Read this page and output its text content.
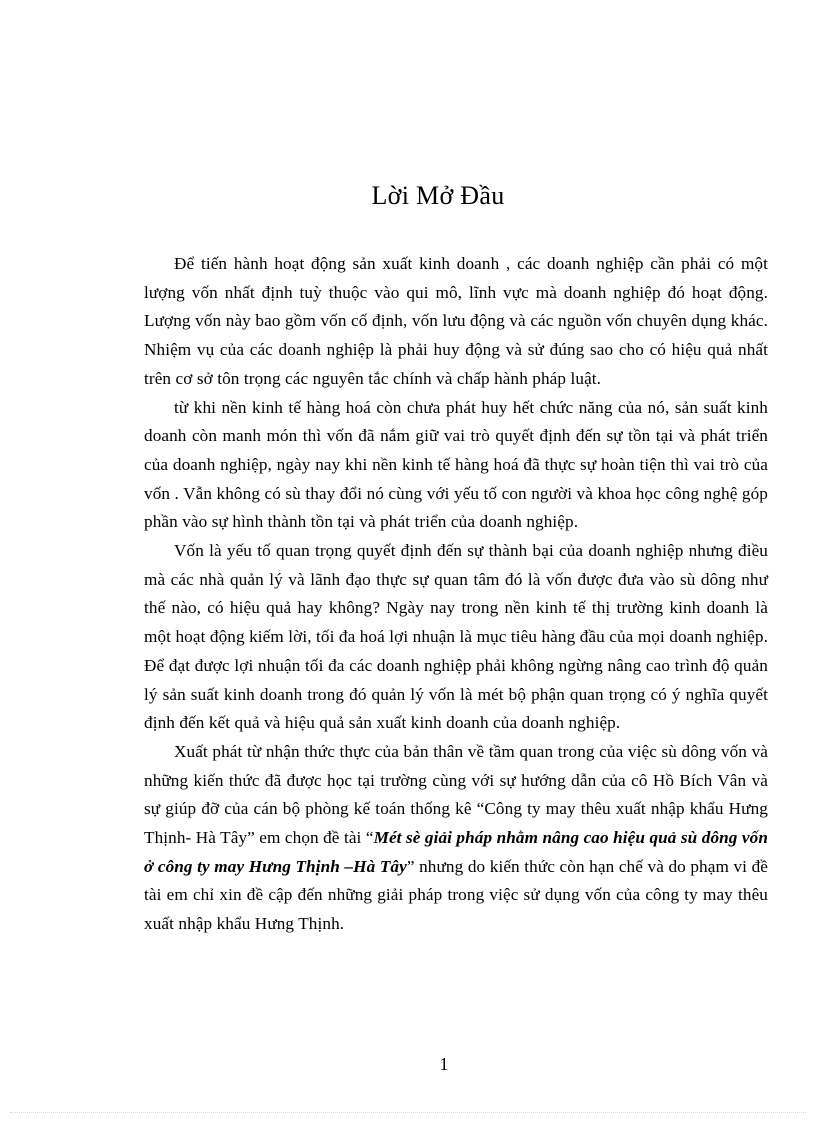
Lời Mở Đầu

Để tiến hành hoạt động sản xuất kinh doanh , các doanh nghiệp cần phải có một lượng vốn nhất định tuỳ thuộc vào qui mô, lĩnh vực mà doanh nghiệp đó hoạt động. Lượng vốn này bao gồm vốn cố định, vốn lưu động và các nguồn vốn chuyên dụng khác. Nhiệm vụ của các doanh nghiệp là phải huy động và sử đúng sao cho có hiệu quả nhất trên cơ sở tôn trọng các nguyên tắc chính và chấp hành pháp luật.

từ khi nền kinh tế hàng hoá còn chưa phát huy hết chức năng của nó, sản suất kinh doanh còn manh món thì vốn đã nắm giữ vai trò quyết định đến sự tồn tại và phát triển của doanh nghiệp, ngày nay khi nền kinh tế hàng hoá đã thực sự hoàn tiện thì vai trò của vốn . Vẫn không có sù thay đổi nó cùng với yếu tố con người và khoa học công nghệ góp phần vào sự hình thành tồn tại và phát triển của doanh nghiệp.

Vốn là yếu tố quan trọng quyết định đến sự thành bại của doanh nghiệp nhưng điều mà các nhà quản lý và lãnh đạo thực sự quan tâm đó là vốn được đưa vào sù dông như thế nào, có hiệu quả hay không? Ngày nay trong nền kinh tế thị trường kinh doanh là một hoạt động kiếm lời, tối đa hoá lợi nhuận là mục tiêu hàng đầu của mọi doanh nghiệp. Để đạt được lợi nhuận tối đa các doanh nghiệp phải không ngừng nâng cao trình độ quản lý sản suất kinh doanh trong đó quản lý vốn là mét bộ phận quan trọng có ý nghĩa quyết định đến kết quả và hiệu quả sản xuất kinh doanh của doanh nghiệp.

Xuất phát từ nhận thức thực của bản thân về tầm quan trong của việc sù dông vốn và những kiến thức đã được học tại trường cùng với sự hướng dẫn của cô Hồ Bích Vân và sự giúp đỡ của cán bộ phòng kế toán thống kê “Công ty may thêu xuất nhập khẩu Hưng Thịnh- Hà Tây” em chọn đề tài “Mét sè giải pháp nhằm nâng cao hiệu quả sù dông vốn ở công ty may Hưng Thịnh –Hà Tây” nhưng do kiến thức còn hạn chế và do phạm vi đề tài em chỉ xin đề cập đến những giải pháp trong việc sử dụng vốn của công ty may thêu xuất nhập khẩu Hưng Thịnh.

1
